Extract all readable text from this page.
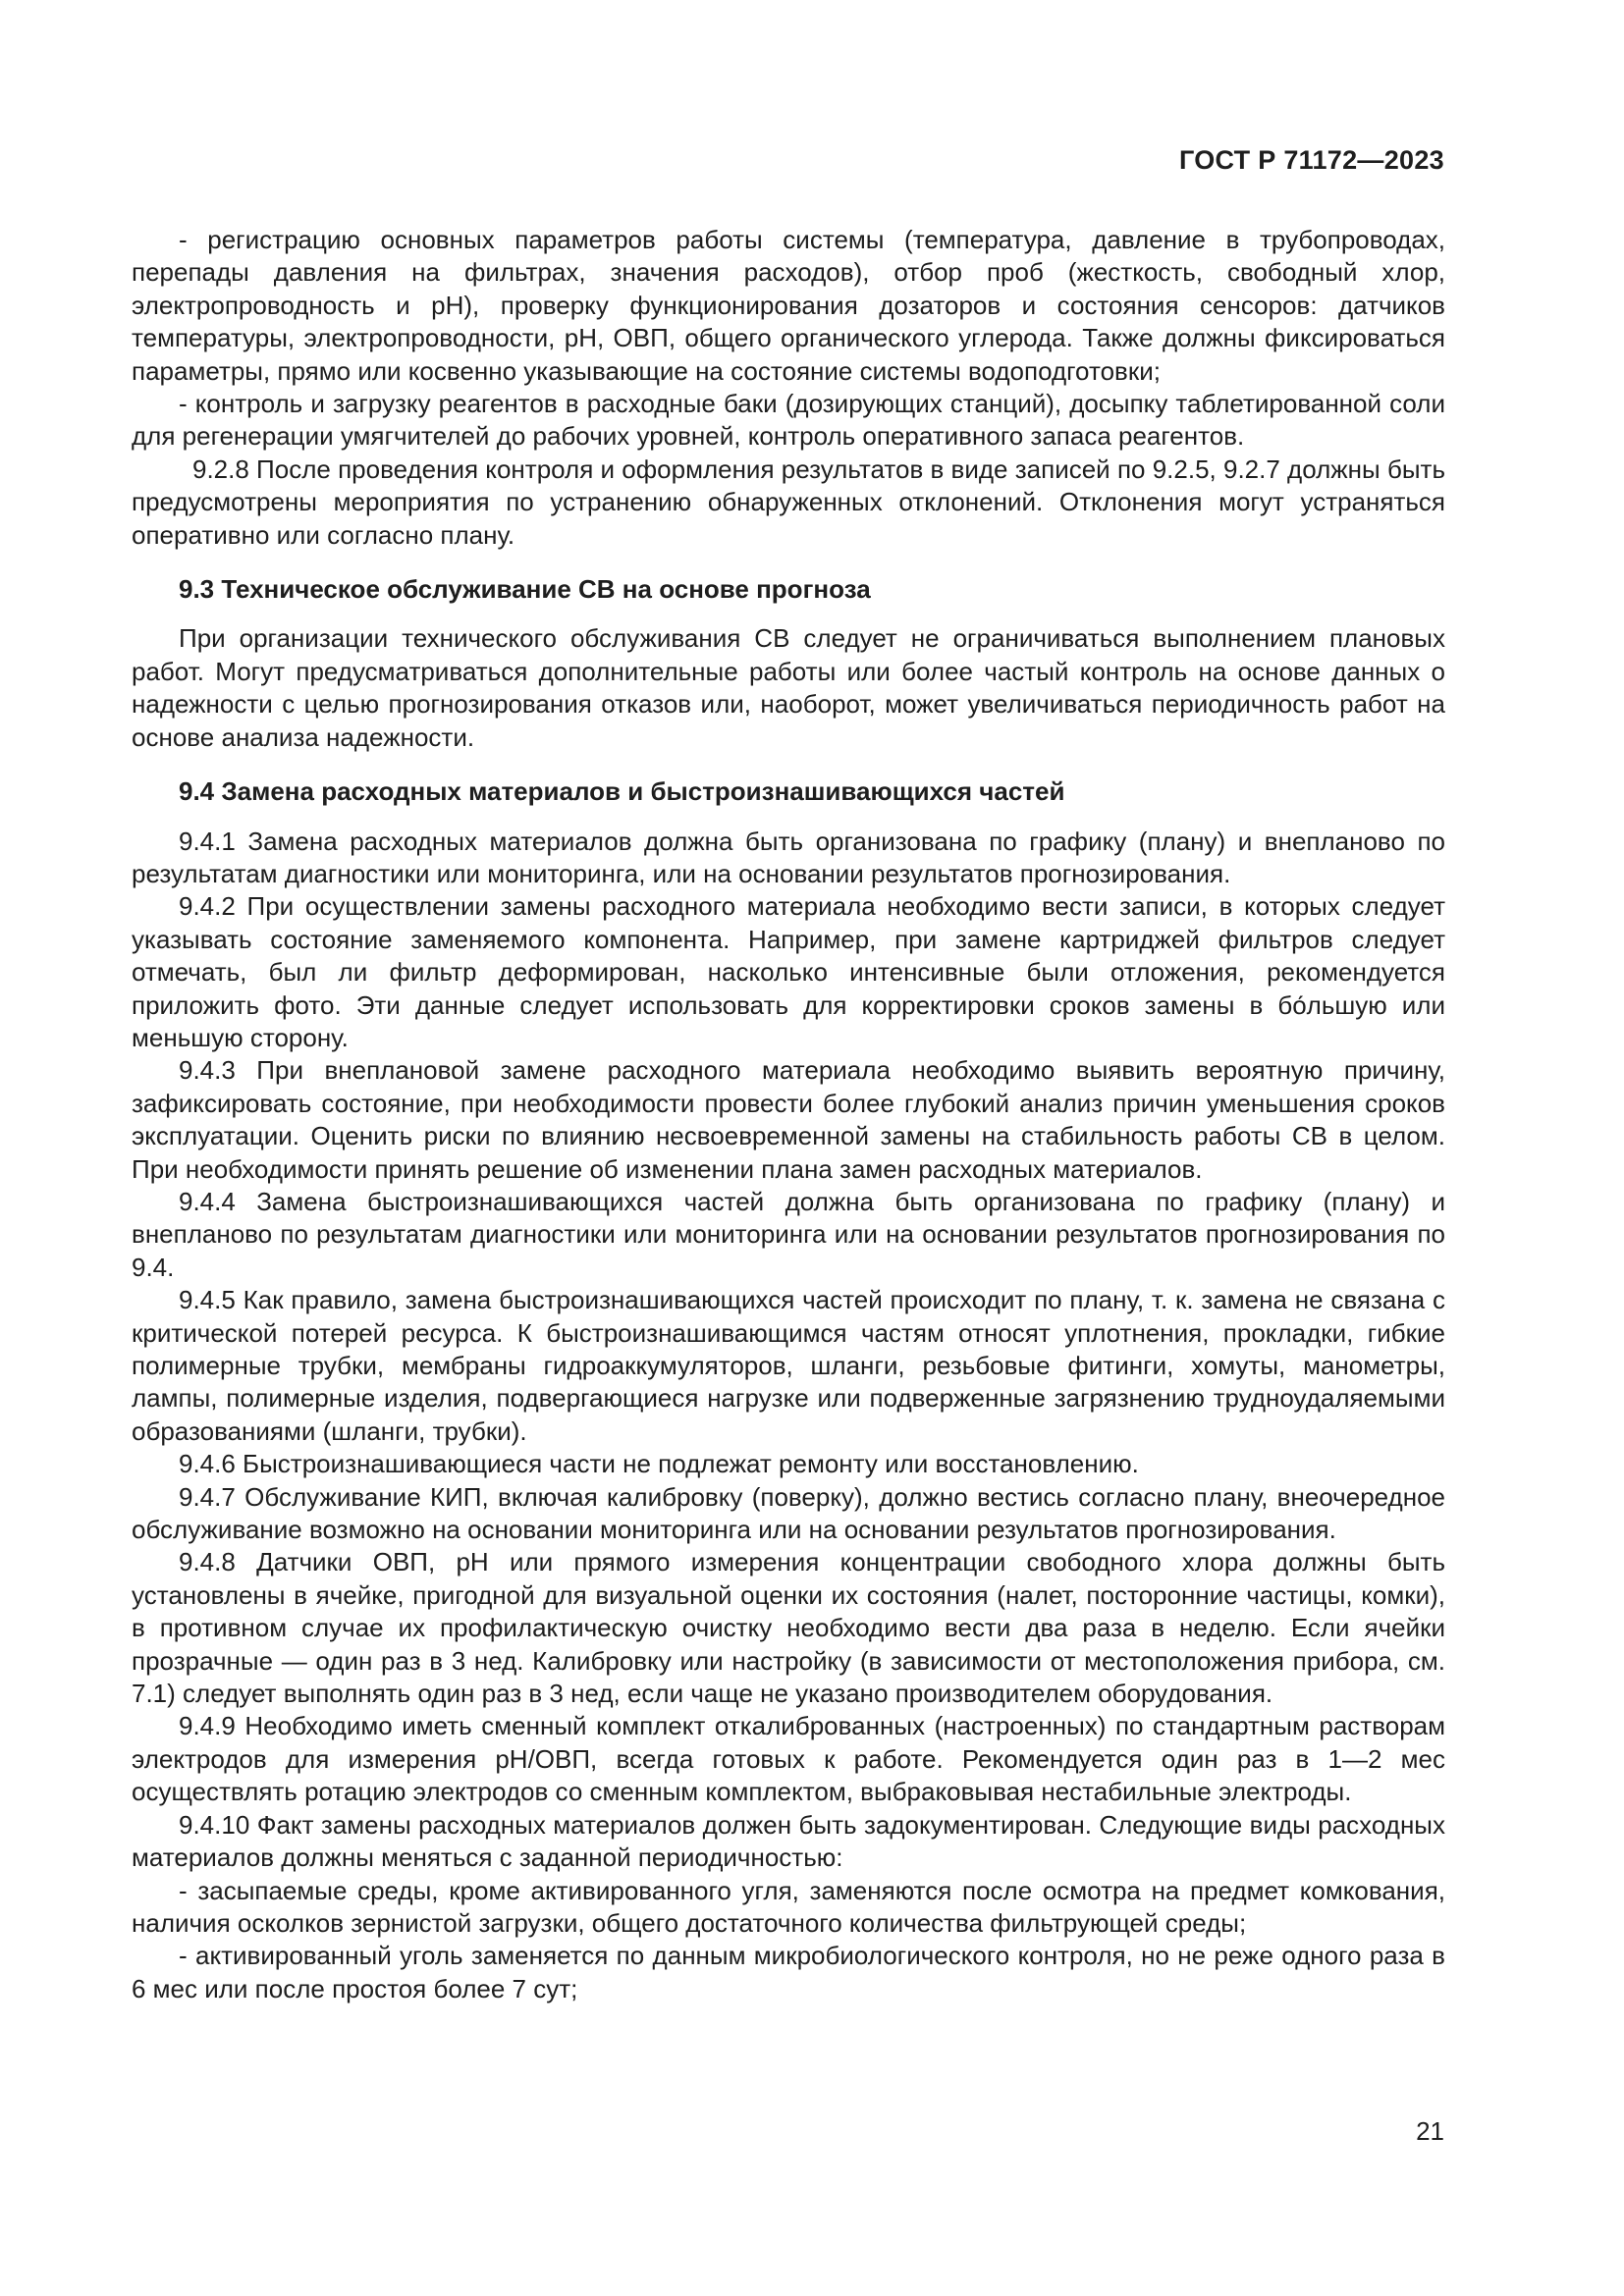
ГОСТ Р 71172—2023

- регистрацию основных параметров работы системы (температура, давление в трубопроводах, перепады давления на фильтрах, значения расходов), отбор проб (жесткость, свободный хлор, электропроводность и pH), проверку функционирования дозаторов и состояния сенсоров: датчиков температуры, электропроводности, pH, ОВП, общего органического углерода. Также должны фиксироваться параметры, прямо или косвенно указывающие на состояние системы водоподготовки;

- контроль и загрузку реагентов в расходные баки (дозирующих станций), досыпку таблетированной соли для регенерации умягчителей до рабочих уровней, контроль оперативного запаса реагентов.

9.2.8 После проведения контроля и оформления результатов в виде записей по 9.2.5, 9.2.7 должны быть предусмотрены мероприятия по устранению обнаруженных отклонений. Отклонения могут устраняться оперативно или согласно плану.

9.3 Техническое обслуживание СВ на основе прогноза

При организации технического обслуживания СВ следует не ограничиваться выполнением плановых работ. Могут предусматриваться дополнительные работы или более частый контроль на основе данных о надежности с целью прогнозирования отказов или, наоборот, может увеличиваться периодичность работ на основе анализа надежности.

9.4 Замена расходных материалов и быстроизнашивающихся частей

9.4.1 Замена расходных материалов должна быть организована по графику (плану) и внепланово по результатам диагностики или мониторинга, или на основании результатов прогнозирования.

9.4.2 При осуществлении замены расходного материала необходимо вести записи, в которых следует указывать состояние заменяемого компонента. Например, при замене картриджей фильтров следует отмечать, был ли фильтр деформирован, насколько интенсивные были отложения, рекомендуется приложить фото. Эти данные следует использовать для корректировки сроков замены в бо́льшую или меньшую сторону.

9.4.3 При внеплановой замене расходного материала необходимо выявить вероятную причину, зафиксировать состояние, при необходимости провести более глубокий анализ причин уменьшения сроков эксплуатации. Оценить риски по влиянию несвоевременной замены на стабильность работы СВ в целом. При необходимости принять решение об изменении плана замен расходных материалов.

9.4.4 Замена быстроизнашивающихся частей должна быть организована по графику (плану) и внепланово по результатам диагностики или мониторинга или на основании результатов прогнозирования по 9.4.

9.4.5 Как правило, замена быстроизнашивающихся частей происходит по плану, т. к. замена не связана с критической потерей ресурса. К быстроизнашивающимся частям относят уплотнения, прокладки, гибкие полимерные трубки, мембраны гидроаккумуляторов, шланги, резьбовые фитинги, хомуты, манометры, лампы, полимерные изделия, подвергающиеся нагрузке или подверженные загрязнению трудноудаляемыми образованиями (шланги, трубки).

9.4.6 Быстроизнашивающиеся части не подлежат ремонту или восстановлению.

9.4.7 Обслуживание КИП, включая калибровку (поверку), должно вестись согласно плану, внеочередное обслуживание возможно на основании мониторинга или на основании результатов прогнозирования.

9.4.8 Датчики ОВП, pH или прямого измерения концентрации свободного хлора должны быть установлены в ячейке, пригодной для визуальной оценки их состояния (налет, посторонние частицы, комки), в противном случае их профилактическую очистку необходимо вести два раза в неделю. Если ячейки прозрачные — один раз в 3 нед. Калибровку или настройку (в зависимости от местоположения прибора, см. 7.1) следует выполнять один раз в 3 нед, если чаще не указано производителем оборудования.

9.4.9 Необходимо иметь сменный комплект откалиброванных (настроенных) по стандартным растворам электродов для измерения pH/ОВП, всегда готовых к работе. Рекомендуется один раз в 1—2 мес осуществлять ротацию электродов со сменным комплектом, выбраковывая нестабильные электроды.

9.4.10 Факт замены расходных материалов должен быть задокументирован. Следующие виды расходных материалов должны меняться с заданной периодичностью:

- засыпаемые среды, кроме активированного угля, заменяются после осмотра на предмет комкования, наличия осколков зернистой загрузки, общего достаточного количества фильтрующей среды;

- активированный уголь заменяется по данным микробиологического контроля, но не реже одного раза в 6 мес или после простоя более 7 сут;

21
